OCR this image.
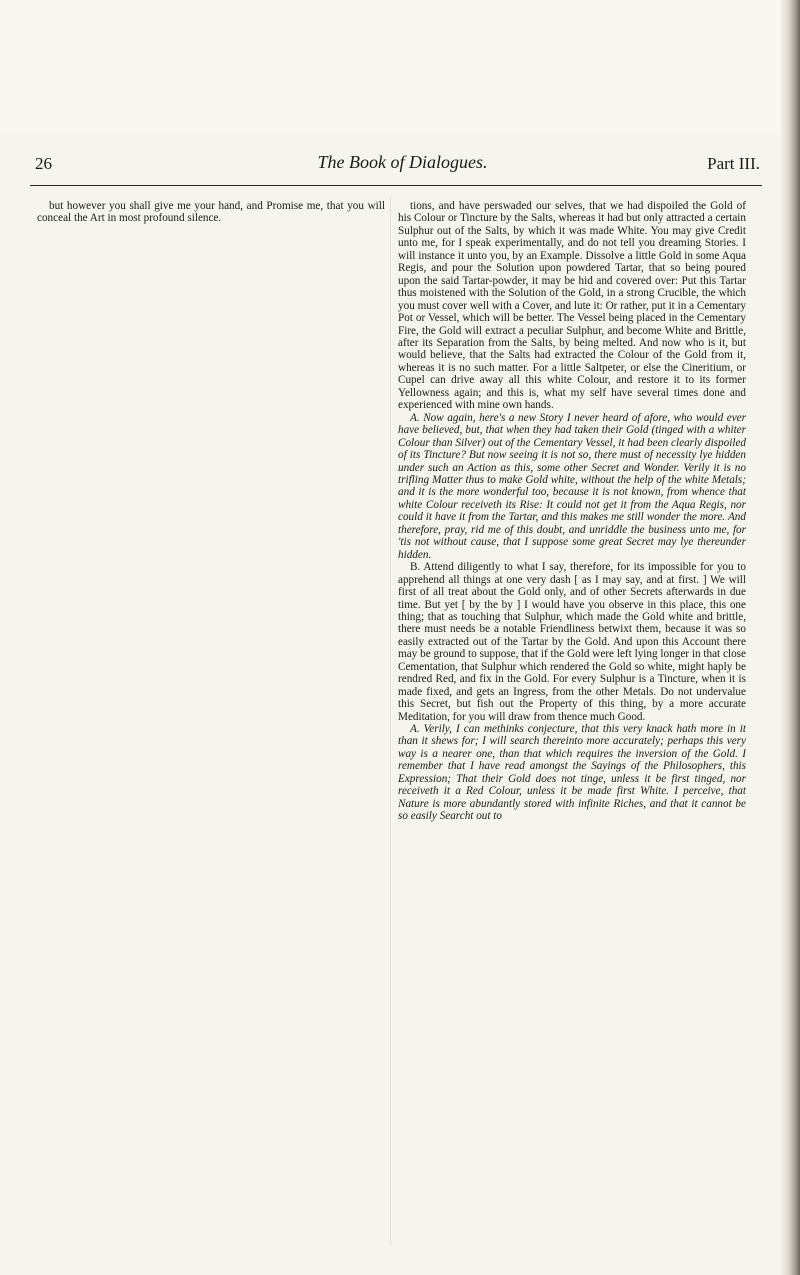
26	The Book of Dialogues.	Part III.

but however you shall give me your hand, and Promise me, that you will conceal the Art in most profound silence.

tions, and have perswaded our selves, that we had dispoiled the Gold of his Colour or Tincture by the Salts, whereas it had but only attracted a certain Sulphur out of the Salts, by which it was made White. You may give Credit unto me, for I speak experimentally, and do not tell you dreaming Stories. I will instance it unto you, by an Example. Dissolve a little Gold in some Aqua Regis, and pour the Solution upon powdered Tartar, that so being poured upon the said Tartar-powder, it may be hid and covered over: Put this Tartar thus moistened with the Solution of the Gold, in a strong Crucible, the which you must cover well with a Cover, and lute it: Or rather, put it in a Cementary Pot or Vessel, which will be better. The Vessel being placed in the Cementary Fire, the Gold will extract a peculiar Sulphur, and become White and Brittle, after its Separation from the Salts, by being melted. And now who is it, but would believe, that the Salts had extracted the Colour of the Gold from it, whereas it is no such matter. For a little Saltpeter, or else the Cineritium, or Cupel can drive away all this white Colour, and restore it to its former Yellowness again; and this is, what my self have several times done and experienced with mine own hands.

A. Now again, here's a new Story I never heard of afore, who would ever have believed, but, that when they had taken their Gold (tinged with a whiter Colour than Silver) out of the Cementary Vessel, it had been clearly dispoiled of its Tincture? But now seeing it is not so, there must of necessity lye hidden under such an Action as this, some other Secret and Wonder. Verily it is no trifling Matter thus to make Gold white, without the help of the white Metals; and it is the more wonderful too, because it is not known, from whence that white Colour receiveth its Rise: It could not get it from the Aqua Regis, nor could it have it from the Tartar, and this makes me still wonder the more. And therefore, pray, rid me of this doubt, and unriddle the business unto me, for 'tis not without cause, that I suppose some great Secret may lye thereunder hidden.

B. Attend diligently to what I say, therefore, for its impossible for you to apprehend all things at one very dash [ as I may say, and at first. ] We will first of all treat about the Gold only, and of other Secrets afterwards in due time. But yet [ by the by ] I would have you observe in this place, this one thing; that as touching that Sulphur, which made the Gold white and brittle, there must needs be a notable Friendliness betwixt them, because it was so easily extracted out of the Tartar by the Gold. And upon this Account there may be ground to suppose, that if the Gold were left lying longer in that close Cementation, that Sulphur which rendered the Gold so white, might haply be rendred Red, and fix in the Gold. For every Sulphur is a Tincture, when it is made fixed, and gets an Ingress, from the other Metals. Do not undervalue this Secret, but fish out the Property of this thing, by a more accurate Meditation, for you will draw from thence much Good.

A. Verily, I can methinks conjecture, that this very knack hath more in it than it shews for; I will search thereinto more accurately; perhaps this very way is a nearer one, than that which requires the inversion of the Gold. I remember that I have read amongst the Sayings of the Philosophers, this Expression; That their Gold does not tinge, unless it be first tinged, nor receiveth it a Red Colour, unless it be made first White. I perceive, that Nature is more abundantly stored with infinite Riches, and that it cannot be so easily Searcht out to
